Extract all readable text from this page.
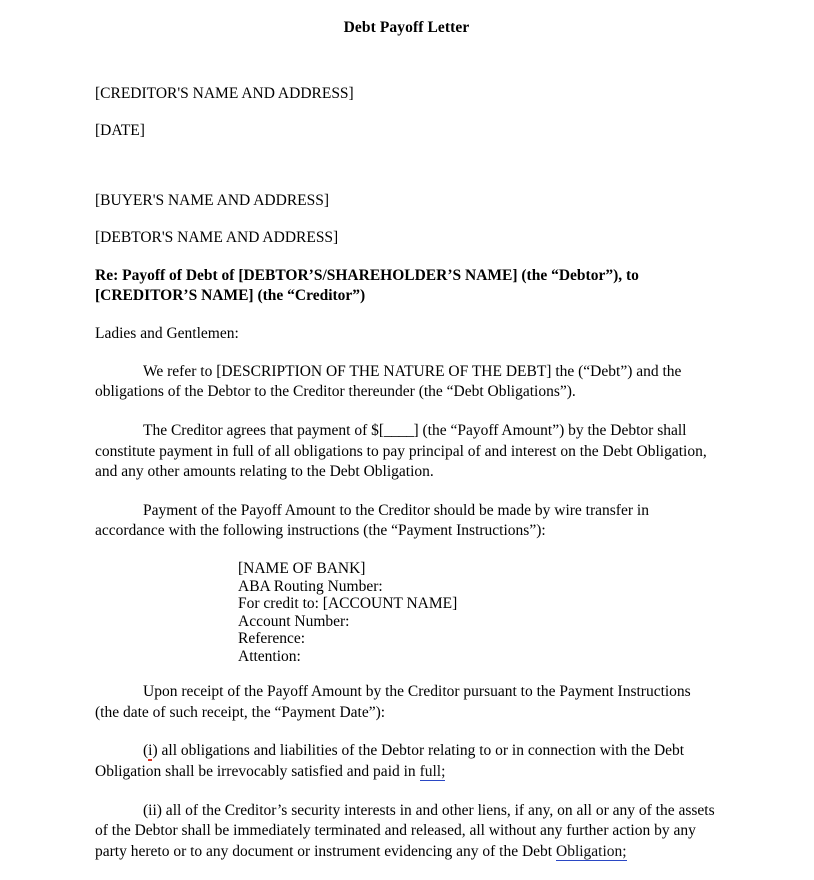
Debt Payoff Letter
[CREDITOR'S NAME AND ADDRESS]
[DATE]
[BUYER'S NAME AND ADDRESS]
[DEBTOR'S NAME AND ADDRESS]
Re: Payoff of Debt of [DEBTOR’S/SHAREHOLDER’S NAME] (the “Debtor”), to [CREDITOR’S NAME] (the “Creditor”)
Ladies and Gentlemen:

We refer to [DESCRIPTION OF THE NATURE OF THE DEBT] the (“Debt”) and the obligations of the Debtor to the Creditor thereunder (the “Debt Obligations”).

The Creditor agrees that payment of $[____] (the “Payoff Amount”) by the Debtor shall constitute payment in full of all obligations to pay principal of and interest on the Debt Obligation, and any other amounts relating to the Debt Obligation.

Payment of the Payoff Amount to the Creditor should be made by wire transfer in accordance with the following instructions (the “Payment Instructions”):

[NAME OF BANK]
ABA Routing Number:
For credit to: [ACCOUNT NAME]
Account Number:
Reference:
Attention:

Upon receipt of the Payoff Amount by the Creditor pursuant to the Payment Instructions (the date of such receipt, the “Payment Date”):

(i) all obligations and liabilities of the Debtor relating to or in connection with the Debt Obligation shall be irrevocably satisfied and paid in full;

(ii) all of the Creditor’s security interests in and other liens, if any, on all or any of the assets of the Debtor shall be immediately terminated and released, all without any further action by any party hereto or to any document or instrument evidencing any of the Debt Obligation;
